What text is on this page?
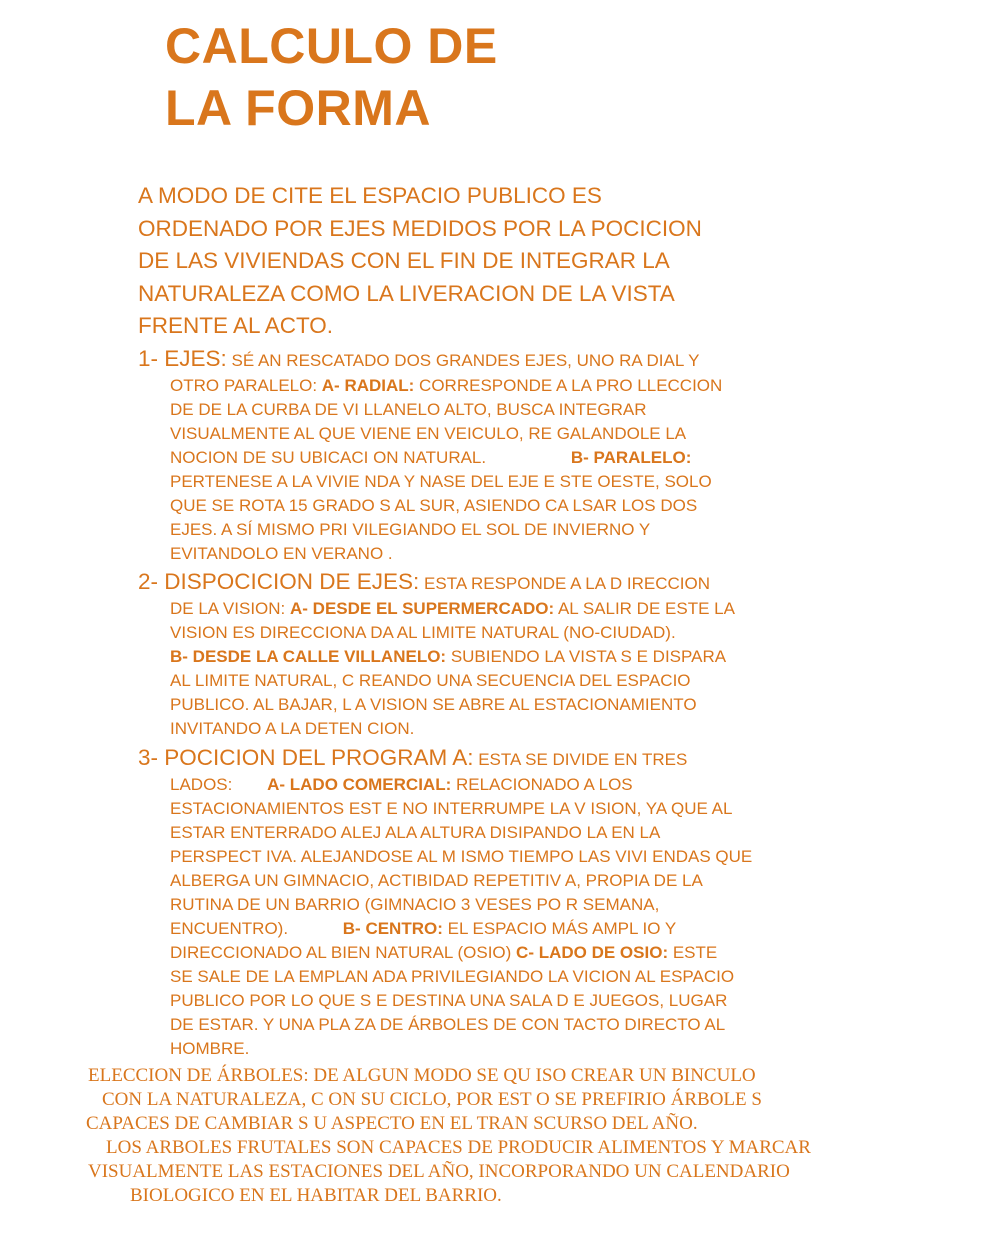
CALCULO DE
LA FORMA
A MODO DE CITE EL ESPACIO PUBLICO ES
ORDENADO POR EJES MEDIDOS POR LA POCICION
DE LAS VIVIENDAS CON EL FIN DE INTEGRAR LA
NATURALEZA COMO LA LIVERACION DE LA VISTA
FRENTE AL ACTO.
1- EJES: SÉ AN RESCATADO DOS GRANDES EJES, UNO RA DIAL Y
OTRO PARALELO: A- RADIAL: CORRESPONDE A LA PRO LLECCION
DE DE LA CURBA DE VI LLANELO ALTO, BUSCA INTEGRAR
VISUALMENTE AL QUE VIENE EN VEICULO, RE GALANDOLE LA
NOCION DE SU UBICACI ON NATURAL.	B- PARALELO:
PERTENESE A LA VIVIE NDA Y NASE DEL EJE E STE OESTE, SOLO
QUE SE ROTA 15 GRADO S AL SUR, ASIENDO CA LSAR LOS DOS
EJES. A SÍ MISMO PRI VILEGIANDO EL SOL DE INVIERNO Y
EVITANDOLO EN VERANO .
2- DISPOCICION DE EJES: ESTA RESPONDE A LA D IRECCION
DE LA VISION: A- DESDE EL SUPERMERCADO: AL SALIR DE ESTE LA
VISION ES DIRECCIONA DA AL LIMITE NATURAL (NO-CIUDAD).
B- DESDE LA CALLE VILLANELO: SUBIENDO LA VISTA S E DISPARA
AL LIMITE NATURAL, C REANDO UNA SECUENCIA DEL ESPACIO
PUBLICO. AL BAJAR, L A VISION SE ABRE AL ESTACIONAMIENTO
INVITANDO A LA DETEN CION.
3- POCICION DEL PROGRAM A: ESTA SE DIVIDE EN TRES
LADOS: A- LADO COMERCIAL: RELACIONADO A LOS
ESTACIONAMIENTOS EST E NO INTERRUMPE LA V ISION, YA QUE AL
ESTAR ENTERRADO ALEJ ALA ALTURA DISIPANDO LA EN LA
PERSPECT IVA. ALEJANDOSE AL M ISMO TIEMPO LAS VIVI ENDAS QUE
ALBERGA UN GIMNACIO, ACTIBIDAD REPETITIV A, PROPIA DE LA
RUTINA DE UN BARRIO (GIMNACIO 3 VESES PO R SEMANA,
ENCUENTRO).	B- CENTRO: EL ESPACIO MÁS AMPL IO Y
DIRECCIONADO AL BIEN NATURAL (OSIO) C- LADO DE OSIO: ESTE
SE SALE DE LA EMPLAN ADA PRIVILEGIANDO LA VICION AL ESPACIO
PUBLICO POR LO QUE S E DESTINA UNA SALA D E JUEGOS, LUGAR
DE ESTAR. Y UNA PLA ZA DE ÁRBOLES DE CON TACTO DIRECTO AL
HOMBRE.
ELECCION DE ÁRBOLES: DE ALGUN MODO SE QU ISO CREAR UN BINCULO
CON LA NATURALEZA, C ON SU CICLO, POR EST O SE PREFIRIO ÁRBOLE S
CAPACES DE CAMBIAR S U ASPECTO EN EL TRAN SCURSO DEL AÑO.
LOS ARBOLES FRUTALES SON CAPACES DE PRODUCIR ALIMENTOS Y MARCAR
VISUALMENTE LAS ESTACIONES DEL AÑO, INCORPORANDO UN CALENDARIO
BIOLOGICO EN EL HABITAR DEL BARRIO.
